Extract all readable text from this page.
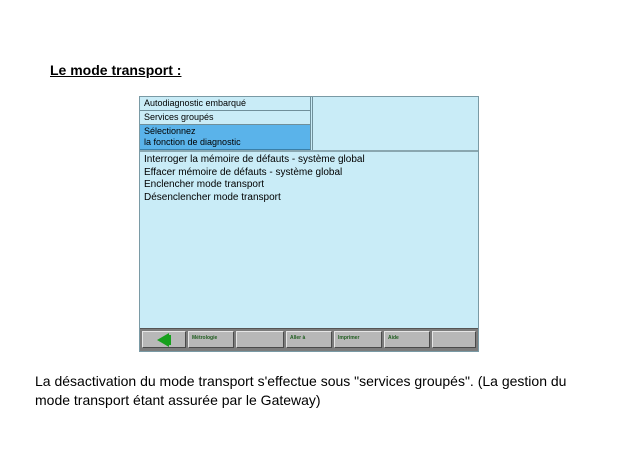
Le mode transport :
Autodiagnostic embarqué
Services groupés
Sélectionnez
la fonction de diagnostic
Interroger la mémoire de défauts - système global
Effacer mémoire de défauts - système global
Enclencher mode transport
Désenclencher mode transport
Métrologie	Aller à	Imprimer	Aide
La désactivation du mode transport s'effectue sous "services groupés". (La gestion du mode transport étant assurée par le Gateway)
